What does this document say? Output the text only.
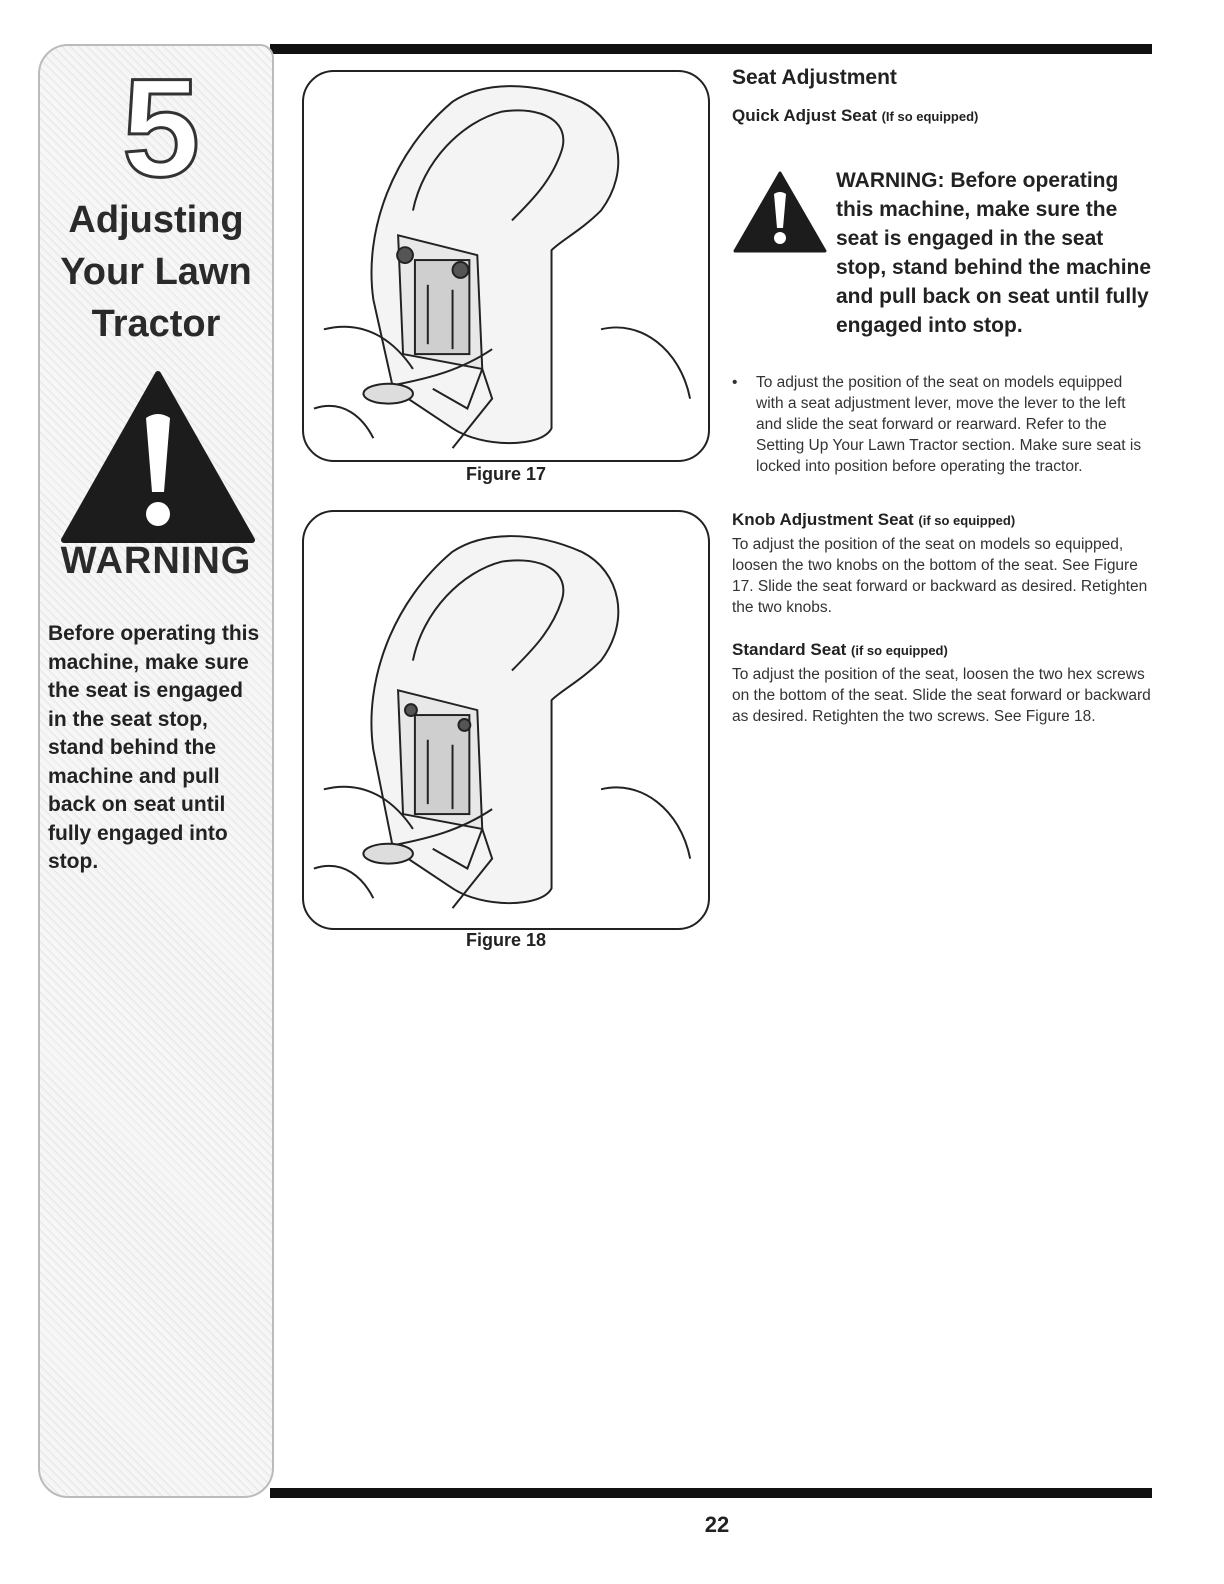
5
Adjusting
Your Lawn
Tractor
WARNING
Before operating this machine, make sure the seat is engaged in the seat stop, stand behind the machine and pull back on seat until fully engaged into stop.
Figure 17
Figure 18
Seat Adjustment
Quick Adjust Seat (If so equipped)
WARNING: Before operating this machine, make sure the seat is engaged in the seat stop, stand behind the machine and pull back on seat until fully engaged into stop.
• To adjust the position of the seat on models equipped with a seat adjustment lever, move the lever to the left and slide the seat forward or rearward. Refer to the Setting Up Your Lawn Tractor section. Make sure seat is locked into position before operating the tractor.
Knob Adjustment Seat (if so equipped)
To adjust the position of the seat on models so equipped, loosen the two knobs on the bottom of the seat. See Figure 17. Slide the seat forward or backward as desired. Retighten the two knobs.
Standard Seat (if so equipped)
To adjust the position of the seat, loosen the two hex screws on the bottom of the seat. Slide the seat forward or backward as desired. Retighten the two screws. See Figure 18.
22
